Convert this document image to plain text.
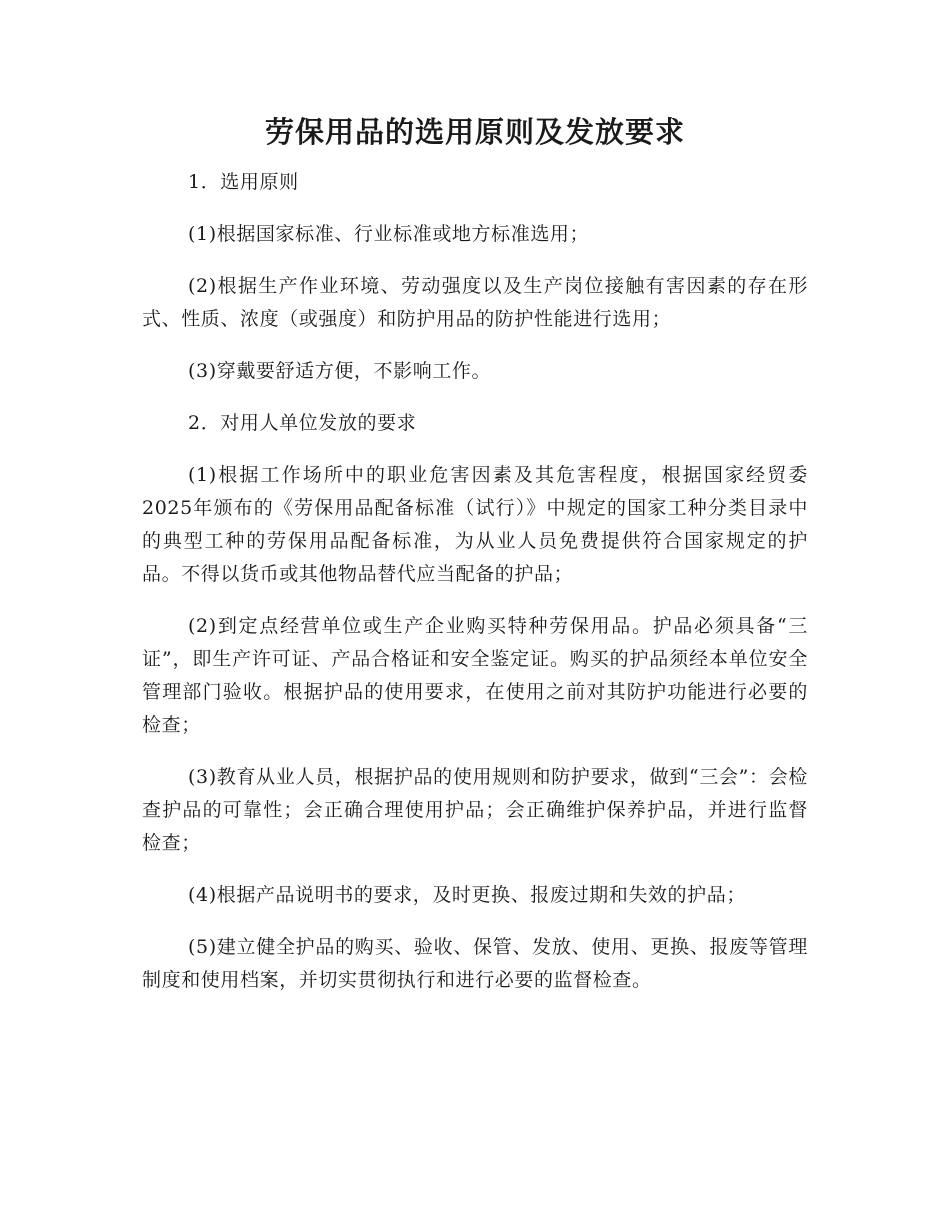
劳保用品的选用原则及发放要求

1．选用原则

(1)根据国家标准、行业标准或地方标准选用；

(2)根据生产作业环境、劳动强度以及生产岗位接触有害因素的存在形式、性质、浓度（或强度）和防护用品的防护性能进行选用；

(3)穿戴要舒适方便，不影响工作。

2．对用人单位发放的要求

(1)根据工作场所中的职业危害因素及其危害程度，根据国家经贸委2025年颁布的《劳保用品配备标准（试行）》中规定的国家工种分类目录中的典型工种的劳保用品配备标准，为从业人员免费提供符合国家规定的护品。不得以货币或其他物品替代应当配备的护品；

(2)到定点经营单位或生产企业购买特种劳保用品。护品必须具备“三证”，即生产许可证、产品合格证和安全鉴定证。购买的护品须经本单位安全管理部门验收。根据护品的使用要求，在使用之前对其防护功能进行必要的检查；

(3)教育从业人员，根据护品的使用规则和防护要求，做到“三会”：会检查护品的可靠性；会正确合理使用护品；会正确维护保养护品，并进行监督检查；

(4)根据产品说明书的要求，及时更换、报废过期和失效的护品；

(5)建立健全护品的购买、验收、保管、发放、使用、更换、报废等管理制度和使用档案，并切实贯彻执行和进行必要的监督检查。
